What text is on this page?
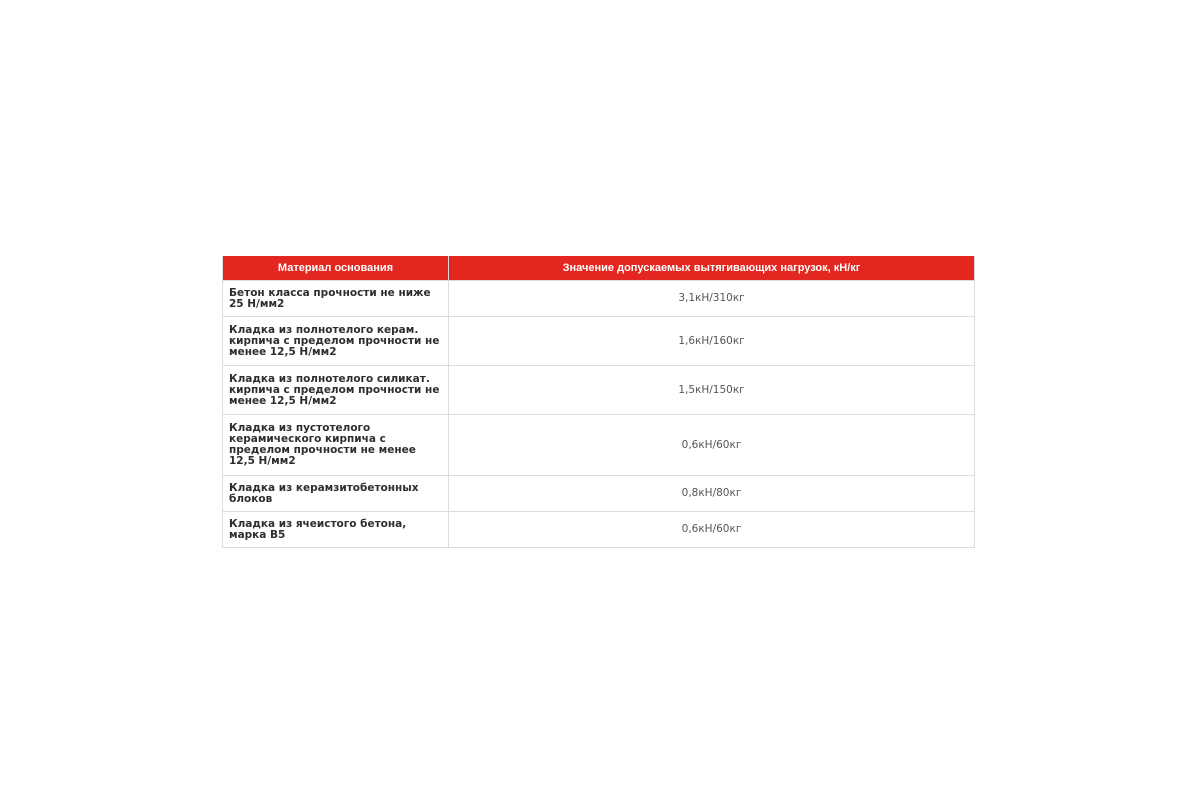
Материал основания	Значение допускаемых вытягивающих нагрузок, кН/кг
Бетон класса прочности не ниже 25 Н/мм2	3,1кН/310кг
Кладка из полнотелого керам. кирпича с пределом прочности не менее 12,5 Н/мм2	1,6кН/160кг
Кладка из полнотелого силикат. кирпича с пределом прочности не менее 12,5 Н/мм2	1,5кН/150кг
Кладка из пустотелого керамического кирпича с пределом прочности не менее 12,5 Н/мм2	0,6кН/60кг
Кладка из керамзитобетонных блоков	0,8кН/80кг
Кладка из ячеистого бетона, марка В5	0,6кН/60кг
